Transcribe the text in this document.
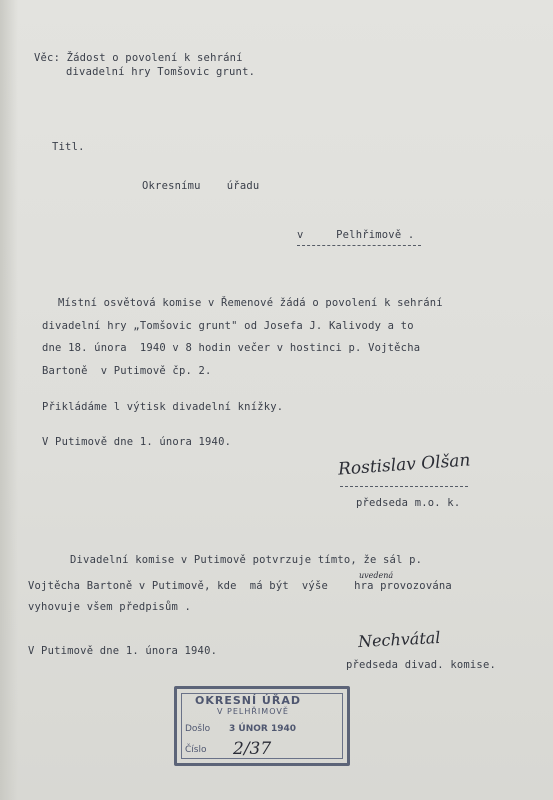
Věc: Žádost o povolení k sehrání
divadelní hry Tomšovic grunt.
Titl.
Okresnímu    úřadu
v     Pelhřimově .
Místní osvětová komise v Řemenové žádá o povolení k sehrání
divadelní hry „Tomšovic grunt" od Josefa J. Kalivody a to
dne 18. února  1940 v 8 hodin večer v hostinci p. Vojtěcha
Bartoně  v Putimově čp. 2.
Přikládáme l výtisk divadelní knížky.
V Putimově dne 1. února 1940.
Rostislav Olšan
předseda m.o. k.
Divadelní komise v Putimově potvrzuje tímto, že sál p.
uvedená
Vojtěcha Bartoně v Putimově, kde  má být  výše    hra provozována
vyhovuje všem předpisům .
V Putimově dne 1. února 1940.	Nechvátal
předseda divad. komise.
OKRESNÍ ÚŘAD
V PELHŘIMOVĚ
Došlo 3 ÚNOR 1940
Číslo 2/37
